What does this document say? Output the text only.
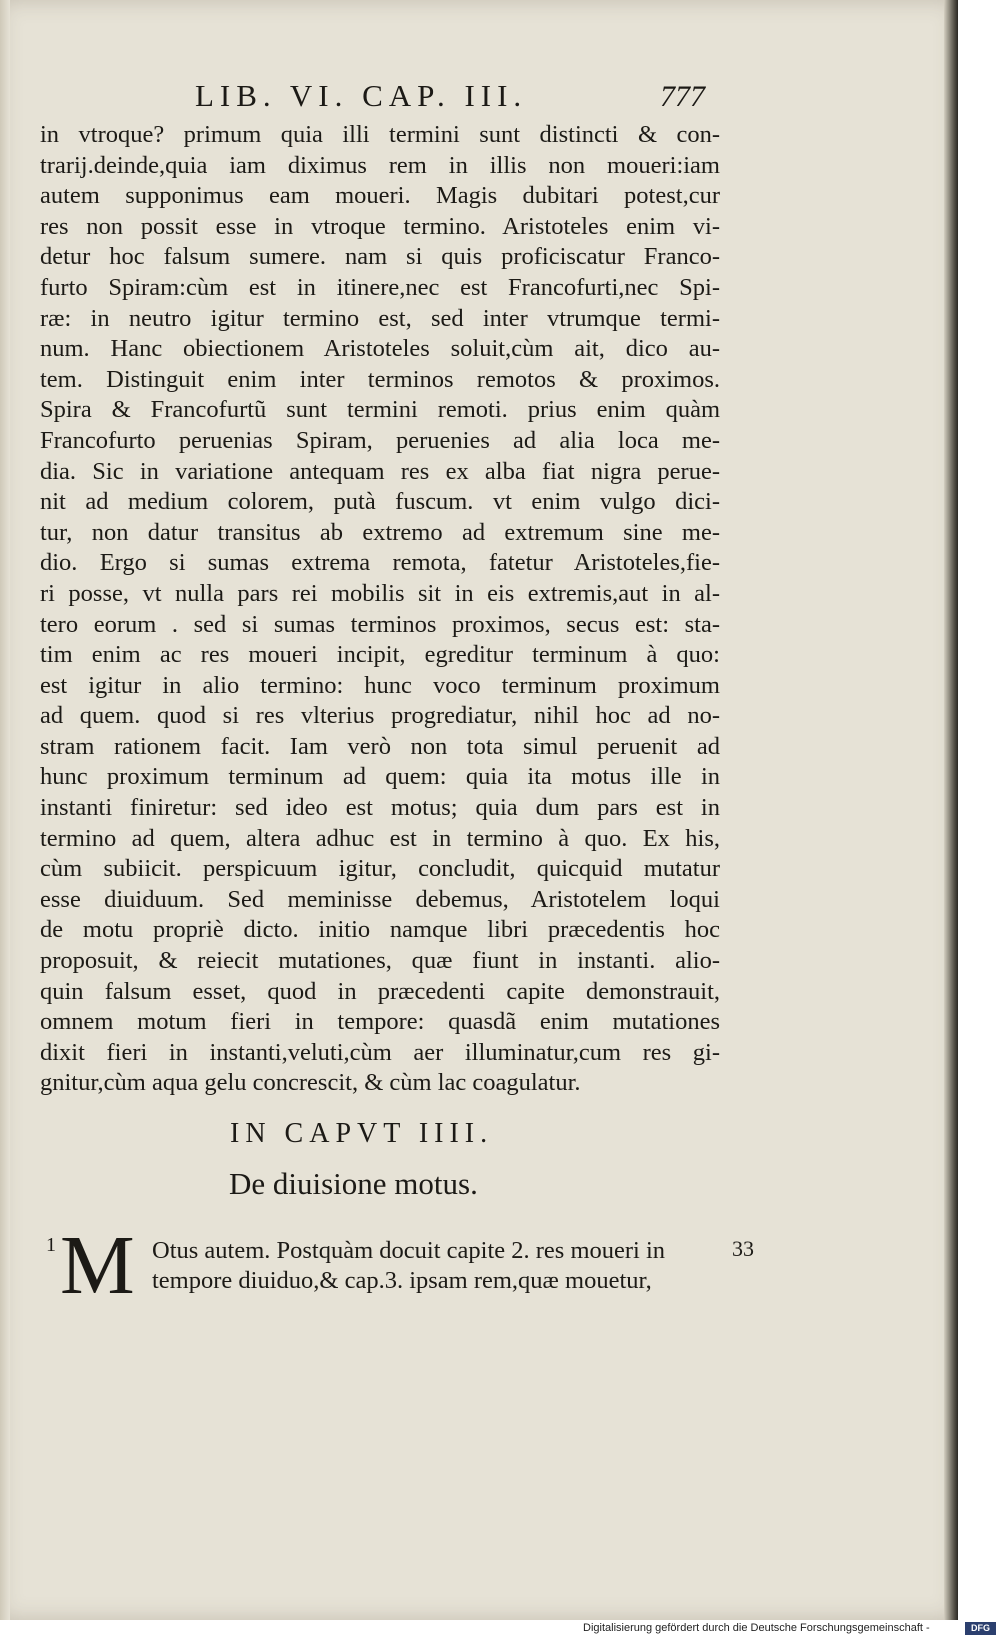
LIB. VI. CAP. III.	777
in vtroque? primum quia illi termini sunt distincti & con-
trarij.deinde,quia iam diximus rem in illis non moueri:iam
autem supponimus eam moueri. Magis dubitari potest,cur
res non possit esse in vtroque termino. Aristoteles enim vi-
detur hoc falsum sumere. nam si quis proficiscatur Franco-
furto Spiram:cùm est in itinere,nec est Francofurti,nec Spi-
ræ: in neutro igitur termino est, sed inter vtrumque termi-
num. Hanc obiectionem Aristoteles soluit,cùm ait, dico au-
tem. Distinguit enim inter terminos remotos & proximos.
Spira & Francofurtũ sunt termini remoti. prius enim quàm
Francofurto peruenias Spiram, peruenies ad alia loca me-
dia. Sic in variatione antequam res ex alba fiat nigra perue-
nit ad medium colorem, putà fuscum. vt enim vulgo dici-
tur, non datur transitus ab extremo ad extremum sine me-
dio. Ergo si sumas extrema remota, fatetur Aristoteles,fie-
ri posse, vt nulla pars rei mobilis sit in eis extremis,aut in al-
tero eorum . sed si sumas terminos proximos, secus est: sta-
tim enim ac res moueri incipit, egreditur terminum à quo:
est igitur in alio termino: hunc voco terminum proximum
ad quem. quod si res vlterius progrediatur, nihil hoc ad no-
stram rationem facit. Iam verò non tota simul peruenit ad
hunc proximum terminum ad quem: quia ita motus ille in
instanti finiretur: sed ideo est motus; quia dum pars est in
termino ad quem, altera adhuc est in termino à quo. Ex his,
cùm subiicit. perspicuum igitur, concludit, quicquid mutatur
esse diuiduum. Sed meminisse debemus, Aristotelem loqui
de motu propriè dicto. initio namque libri præcedentis hoc
proposuit, & reiecit mutationes, quæ fiunt in instanti. alio-
quin falsum esset, quod in præcedenti capite demonstrauit,
omnem motum fieri in tempore: quasdã enim mutationes
dixit fieri in instanti,veluti,cùm aer illuminatur,cum res gi-
gnitur,cùm aqua gelu concrescit, & cùm lac coagulatur.
IN CAPVT IIII.
De diuisione motus.
1 M Otus autem. Postquàm docuit capite 2. res moueri in
tempore diuiduo,& cap.3. ipsam rem,quæ mouetur,
33
Digitalisierung gefördert durch die Deutsche Forschungsgemeinschaft -	DFG
